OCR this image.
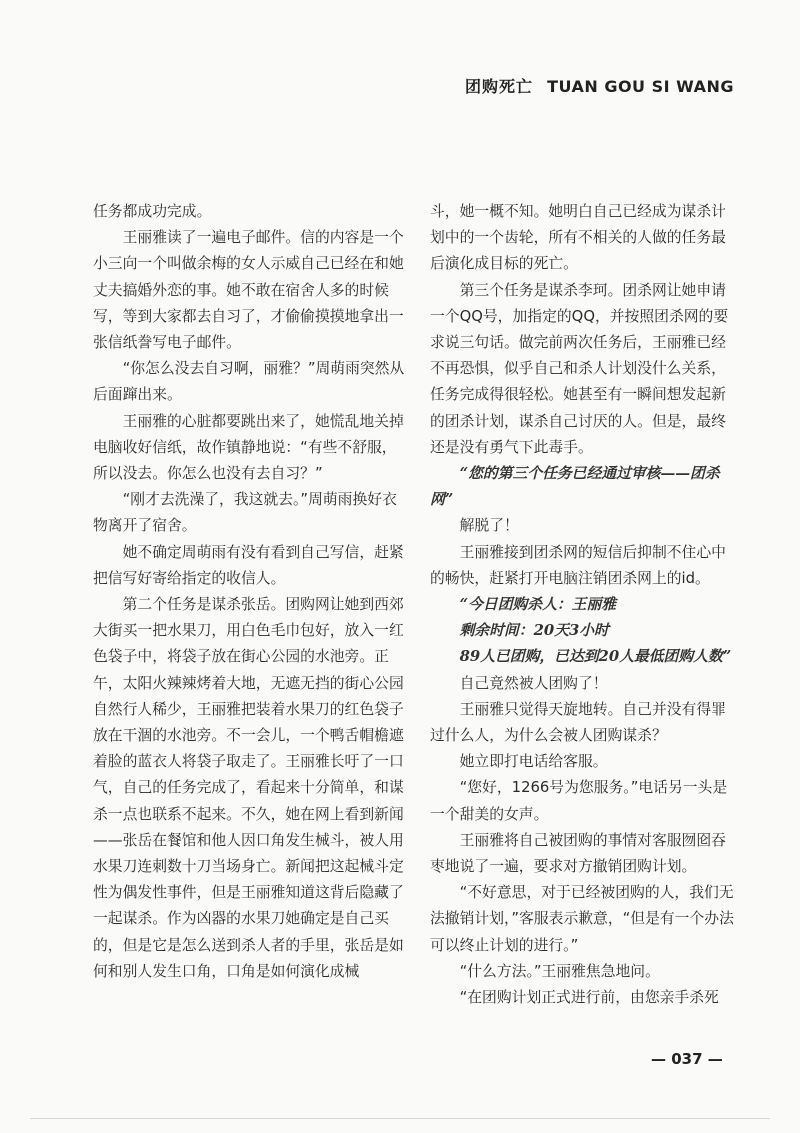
团购死亡 TUAN GOU SI WANG

任务都成功完成。

王丽雅读了一遍电子邮件。信的内容是一个小三向一个叫做余梅的女人示威自己已经在和她丈夫搞婚外恋的事。她不敢在宿舍人多的时候写，等到大家都去自习了，才偷偷摸摸地拿出一张信纸誊写电子邮件。

“你怎么没去自习啊，丽雅？”周萌雨突然从后面蹿出来。

王丽雅的心脏都要跳出来了，她慌乱地关掉电脑收好信纸，故作镇静地说：“有些不舒服，所以没去。你怎么也没有去自习？”

“刚才去洗澡了，我这就去。”周萌雨换好衣物离开了宿舍。

她不确定周萌雨有没有看到自己写信，赶紧把信写好寄给指定的收信人。

第二个任务是谋杀张岳。团购网让她到西郊大街买一把水果刀，用白色毛巾包好，放入一红色袋子中，将袋子放在街心公园的水池旁。正午，太阳火辣辣烤着大地，无遮无挡的街心公园自然行人稀少，王丽雅把装着水果刀的红色袋子放在干涸的水池旁。不一会儿，一个鸭舌帽檐遮着脸的蓝衣人将袋子取走了。王丽雅长吁了一口气，自己的任务完成了，看起来十分简单，和谋杀一点也联系不起来。不久，她在网上看到新闻——张岳在餐馆和他人因口角发生械斗，被人用水果刀连刺数十刀当场身亡。新闻把这起械斗定性为偶发性事件，但是王丽雅知道这背后隐藏了一起谋杀。作为凶器的水果刀她确定是自己买的，但是它是怎么送到杀人者的手里，张岳是如何和别人发生口角，口角是如何演化成械

斗，她一概不知。她明白自己已经成为谋杀计划中的一个齿轮，所有不相关的人做的任务最后演化成目标的死亡。

第三个任务是谋杀李珂。团杀网让她申请一个QQ号，加指定的QQ，并按照团杀网的要求说三句话。做完前两次任务后，王丽雅已经不再恐惧，似乎自己和杀人计划没什么关系，任务完成得很轻松。她甚至有一瞬间想发起新的团杀计划，谋杀自己讨厌的人。但是，最终还是没有勇气下此毒手。

“您的第三个任务已经通过审核——团杀网”

解脱了！

王丽雅接到团杀网的短信后抑制不住心中的畅快，赶紧打开电脑注销团杀网上的id。

“今日团购杀人：王丽雅

剩余时间：20天3小时

89人已团购，已达到20人最低团购人数”

自己竟然被人团购了！

王丽雅只觉得天旋地转。自己并没有得罪过什么人，为什么会被人团购谋杀？

她立即打电话给客服。

“您好，1266号为您服务。”电话另一头是一个甜美的女声。

王丽雅将自己被团购的事情对客服囫囵吞枣地说了一遍，要求对方撤销团购计划。

“不好意思，对于已经被团购的人，我们无法撤销计划，”客服表示歉意，“但是有一个办法可以终止计划的进行。”

“什么方法。”王丽雅焦急地问。

“在团购计划正式进行前，由您亲手杀死

— 037 —
